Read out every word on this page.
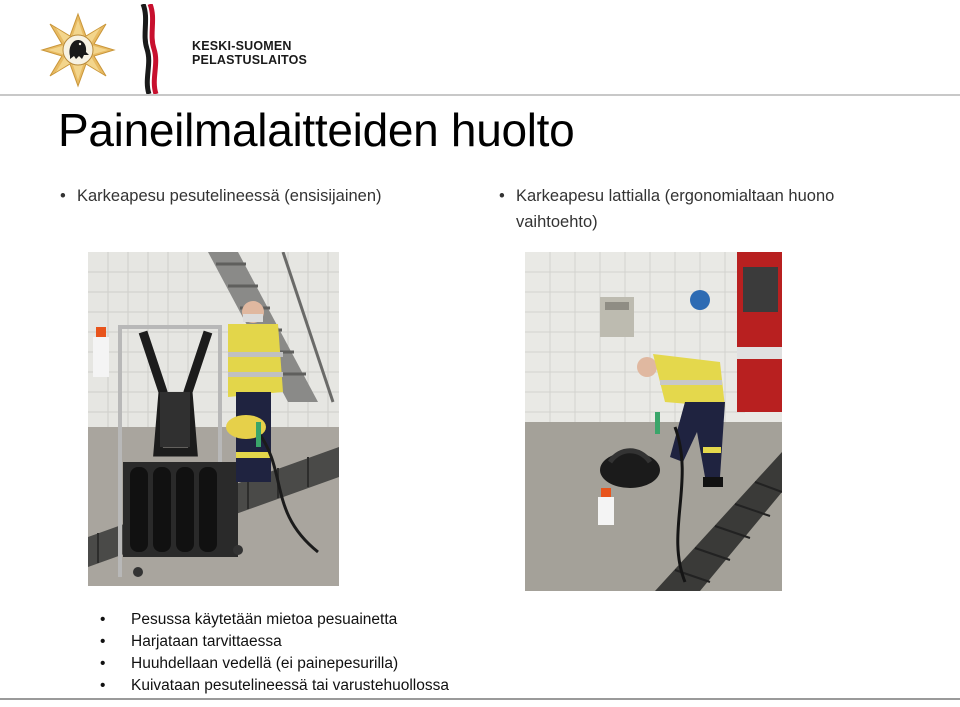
KESKI-SUOMEN
PELASTUSLAITOS
Paineilmalaitteiden huolto
• Karkeapesu pesutelineessä (ensisijainen)	• Karkeapesu lattialla (ergonomialtaan huono vaihtoehto)
• Pesussa käytetään mietoa pesuainetta
• Harjataan tarvittaessa
• Huuhdellaan vedellä (ei painepesurilla)
• Kuivataan pesutelineessä tai varustehuollossa
